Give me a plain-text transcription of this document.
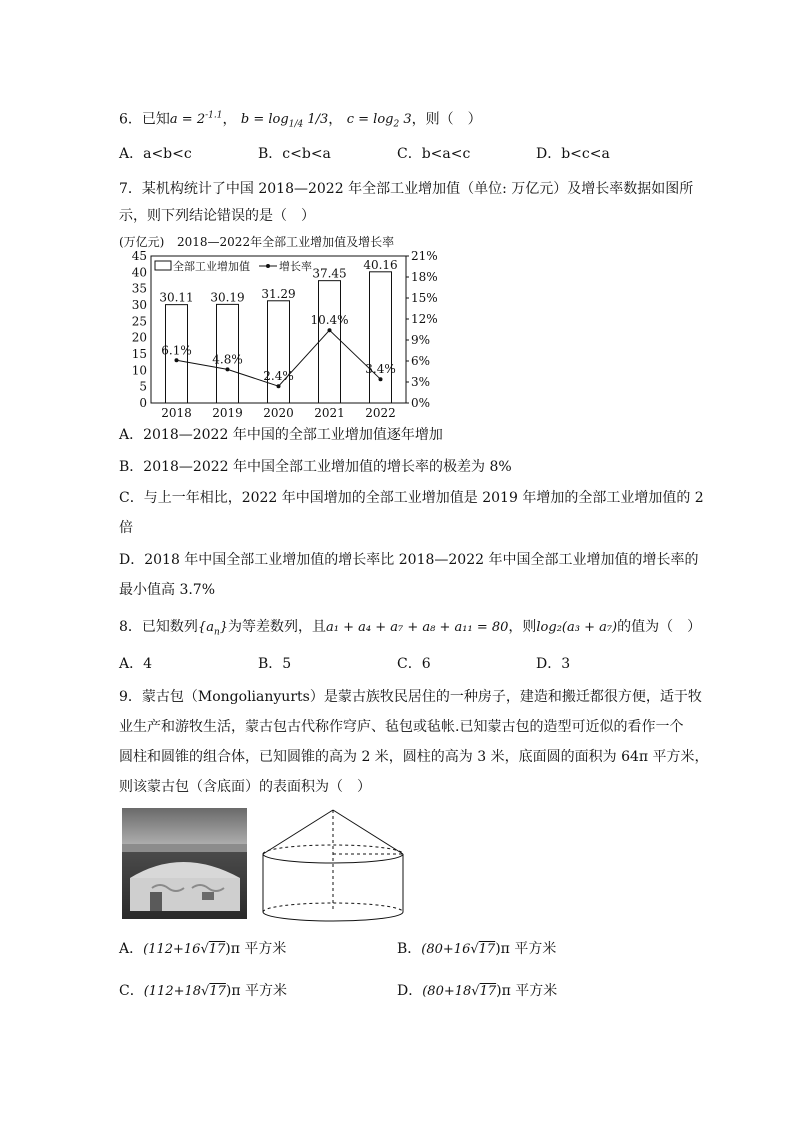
6．已知$a = 2^{-1.1}$， $b = \log_{1/4} 1/3$， $c = \log_2 3$，则（　）
A．a<b<c	B．c<b<a	C．b<a<c	D．b<c<a
7．某机构统计了中国 2018—2022 年全部工业增加值（单位: 万亿元）及增长率数据如图所
示，则下列结论错误的是（　）
(万亿元) 2018—2022年全部工业增加值及增长率
全部工业增加值	增长率
0
5
10
15
20
25
30
35
40
45
0%
3%
6%
9%
12%
15%
18%
21%
30.11 30.19 31.29
37.45
40.16
6.1%
4.8%
2.4%
10.4%
3.4%
2018 2019 2020 2021 2022
A．2018—2022 年中国的全部工业增加值逐年增加
B．2018—2022 年中国全部工业增加值的增长率的极差为 8%
C．与上一年相比，2022 年中国增加的全部工业增加值是 2019 年增加的全部工业增加值的 2
倍
D．2018 年中国全部工业增加值的增长率比 2018—2022 年中国全部工业增加值的增长率的
最小值高 3.7%
8．已知数列$\{a_n\}$为等差数列，且a₁ + a₄ + a₇ + a₈ + a₁₁ = 80，则log₂(a₃ + a₇)的值为（　）
A．4	B．5	C．6	D．3
9．蒙古包（Mongolianyurts）是蒙古族牧民居住的一种房子，建造和搬迁都很方便，适于牧
业生产和游牧生活，蒙古包古代称作穹庐、毡包或毡帐.已知蒙古包的造型可近似的看作一个
圆柱和圆锥的组合体，已知圆锥的高为 2 米，圆柱的高为 3 米，底面圆的面积为 64π 平方米，
则该蒙古包（含底面）的表面积为（　）
A．(112+16√17)π 平方米	B．(80+16√17)π 平方米
C．(112+18√17)π 平方米	D．(80+18√17)π 平方米
